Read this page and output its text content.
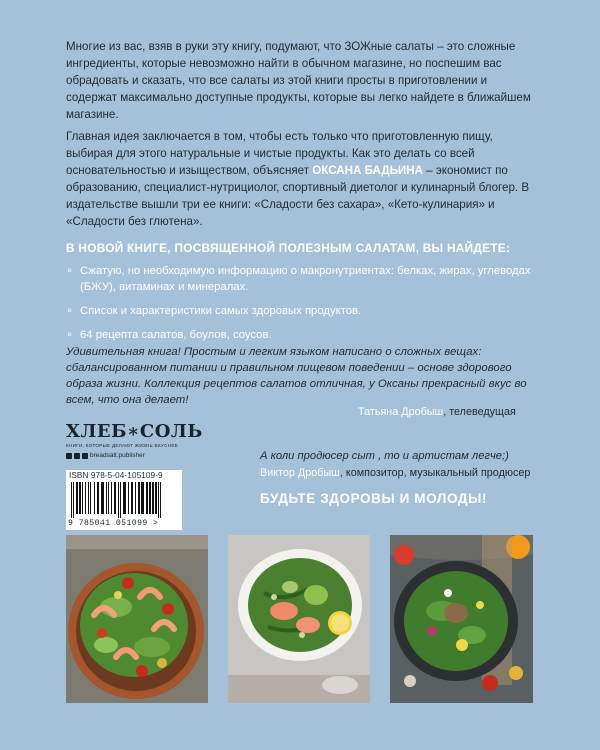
Многие из вас, взяв в руки эту книгу, подумают, что ЗОЖные салаты – это сложные ингредиенты, которые невозможно найти в обычном магазине, но поспешим вас обрадовать и сказать, что все салаты из этой книги просты в приготовлении и содержат максимально доступные продукты, которые вы легко найдете в ближайшем магазине.

Главная идея заключается в том, чтобы есть только что приготовленную пищу, выбирая для этого натуральные и чистые продукты. Как это делать со всей основательностью и изыществом, объясняет ОКСАНА БАДЬИНА – экономист по образованию, специалист-нутрициолог, спортивный диетолог и кулинарный блогер. В издательстве вышли три ее книги: «Сладости без сахара», «Кето-кулинария» и «Сладости без глютена».

В НОВОЙ КНИГЕ, ПОСВЯЩЕННОЙ ПОЛЕЗНЫМ САЛАТАМ, ВЫ НАЙДЕТЕ:

∘ Сжатую, но необходимую информацию о макронутриентах: белках, жирах, углеводах (БЖУ), витаминах и минералах.
∘ Список и характеристики самых здоровых продуктов.
∘ 64 рецепта салатов, боулов, соусов.

Удивительная книга! Простым и легким языком написано о сложных вещах: сбалансированном питании и правильном пищевом поведении – основе здорового образа жизни. Коллекция рецептов салатов отличная, у Оксаны прекрасный вкус во всем, что она делает!

Татьяна Дробыш, телеведущая
ХЛЕБ∗СОЛЬ
КНИГИ, КОТОРЫЕ ДЕЛАЮТ ЖИЗНЬ ВКУСНЕЕ
breadsalt.publisher
ISBN 978-5-04-105109-9
9 785041 051099 >

А коли продюсер сыт , то и артистам легче;)

Виктор Дробыш, композитор, музыкальный продюсер

БУДЬТЕ ЗДОРОВЫ И МОЛОДЫ!
